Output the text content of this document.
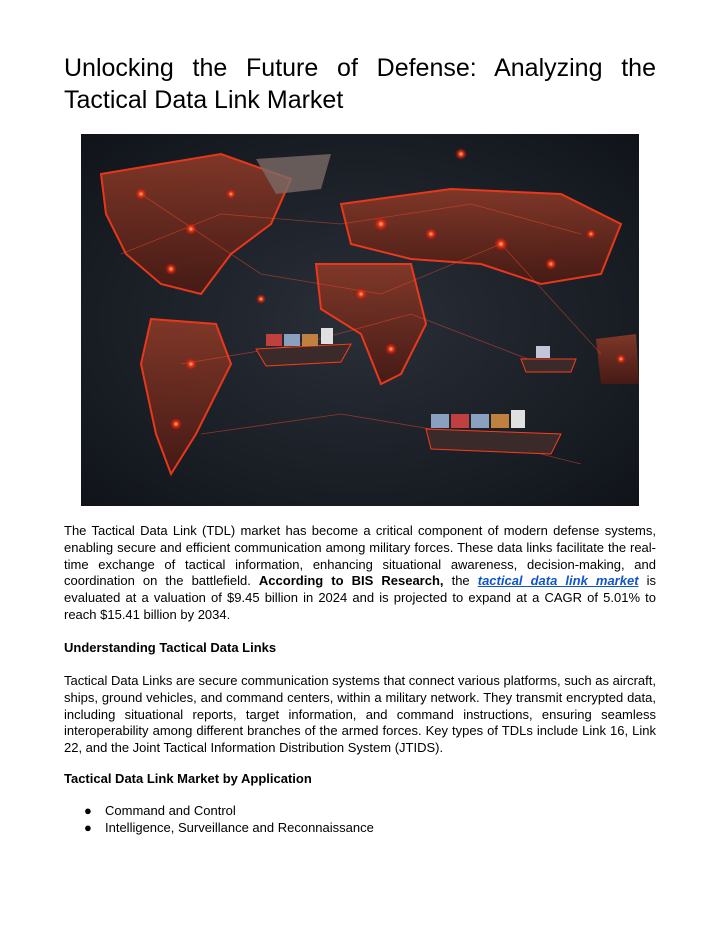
Unlocking the Future of Defense: Analyzing the
Tactical Data Link Market

The Tactical Data Link (TDL) market has become a critical component of modern defense systems, enabling secure and efficient communication among military forces. These data links facilitate the real-time exchange of tactical information, enhancing situational awareness, decision-making, and coordination on the battlefield. According to BIS Research, the tactical data link market is evaluated at a valuation of $9.45 billion in 2024 and is projected to expand at a CAGR of 5.01% to reach $15.41 billion by 2034.

Understanding Tactical Data Links

Tactical Data Links are secure communication systems that connect various platforms, such as aircraft, ships, ground vehicles, and command centers, within a military network. They transmit encrypted data, including situational reports, target information, and command instructions, ensuring seamless interoperability among different branches of the armed forces. Key types of TDLs include Link 16, Link 22, and the Joint Tactical Information Distribution System (JTIDS).

Tactical Data Link Market by Application

● Command and Control
● Intelligence, Surveillance and Reconnaissance
